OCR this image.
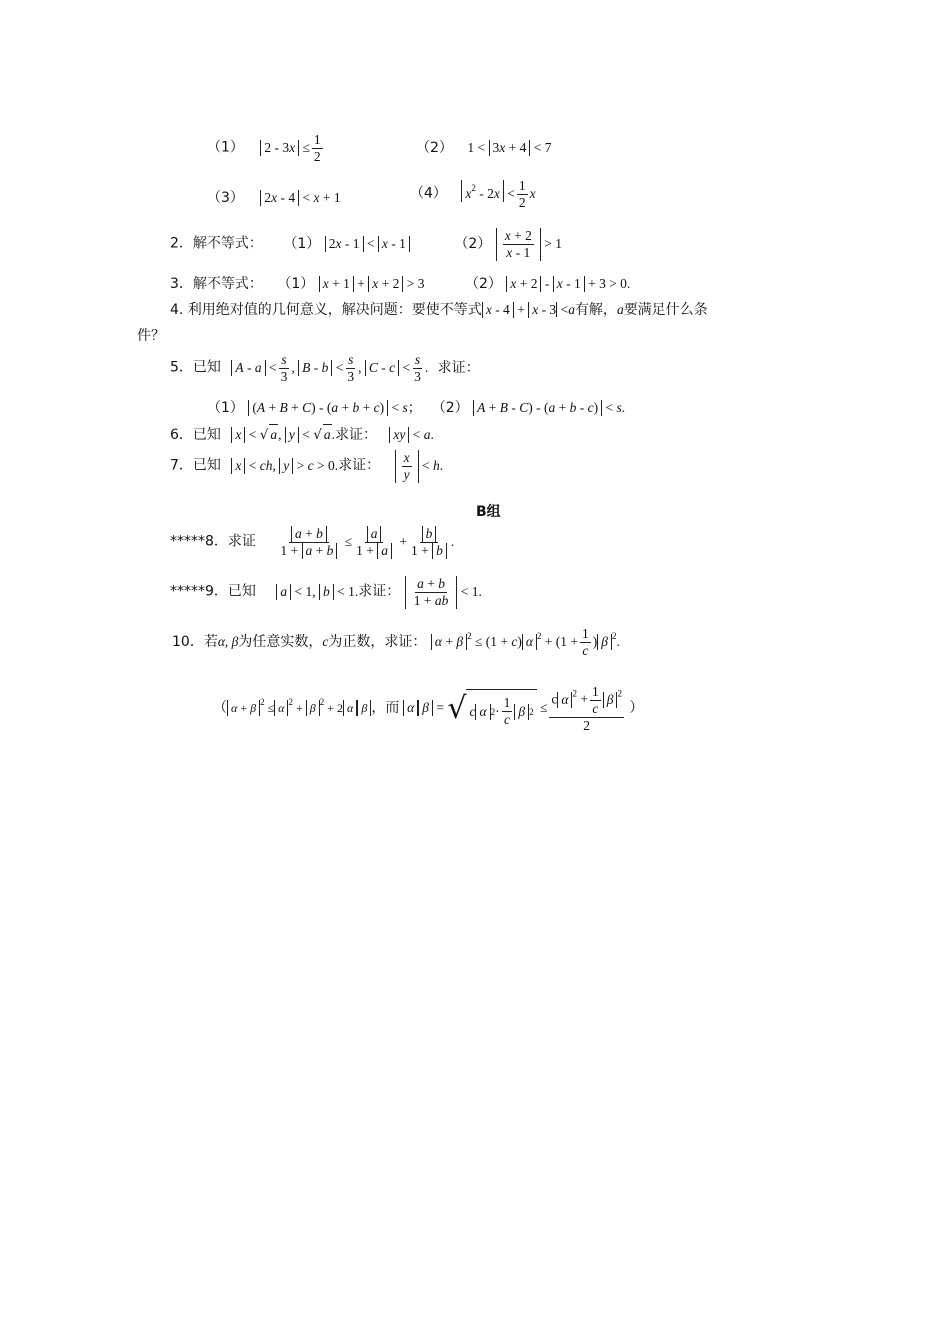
（1） $2 - 3x \le \frac{1}{2}$	（2） 1 < 3x + 4 < 7
（3） 2x - 4 < x + 1	（4） $x^2 - 2x < \frac{1}{2}$ x
2．解不等式： （1） 2x - 1 < x - 1	$(2) \frac{x + 2}{x - 1} > 1$
3．解不等式： （1） x + 1 + x + 2 > 3	（2） x + 2 - x - 1 + 3 > 0.
4. 利用绝对值的几何意义，解决问题：要使不等式 x - 4 + x - 3 <a有解，a要满足什么条
件？
5．已知 $A - a < \frac{s}{3}$ , $B - b < \frac{s}{3}$ , $C - c < \frac{s}{3}$ . 求证：
（1） (A + B + C) - (a + b + c) < s； （2） A + B - C) - (a + b - c) < s.
6．已知 x < √ a, y < √ a.求证： xy < a.
7．已知 x < ch, y > c > 0.求证： $\frac{x}{y} < h$.
B组
*****8．求证 $\frac{a + b}{1 + a + b} \le \frac{a}{1 + a} + \frac{b}{1 + b}$ .
*****9．已知 a < 1, b < 1.求证： $\frac{a + b}{1 + ab} < 1$.
10．若α, β为任意实数，c为正数，求证： α + β $^2$ ≤ (1 + c) α $^2 + (1 + \frac{1}{c}$ ) β $^2$.
（ α + β $^2$ ≤ α $^2$ + β $^2$ + 2 α β ，而 α β = √ c α 2 ·
1
c
β $2 \le \frac{c \alpha ^2 + \frac{1}{c} \beta ^2}{2}$ ）
